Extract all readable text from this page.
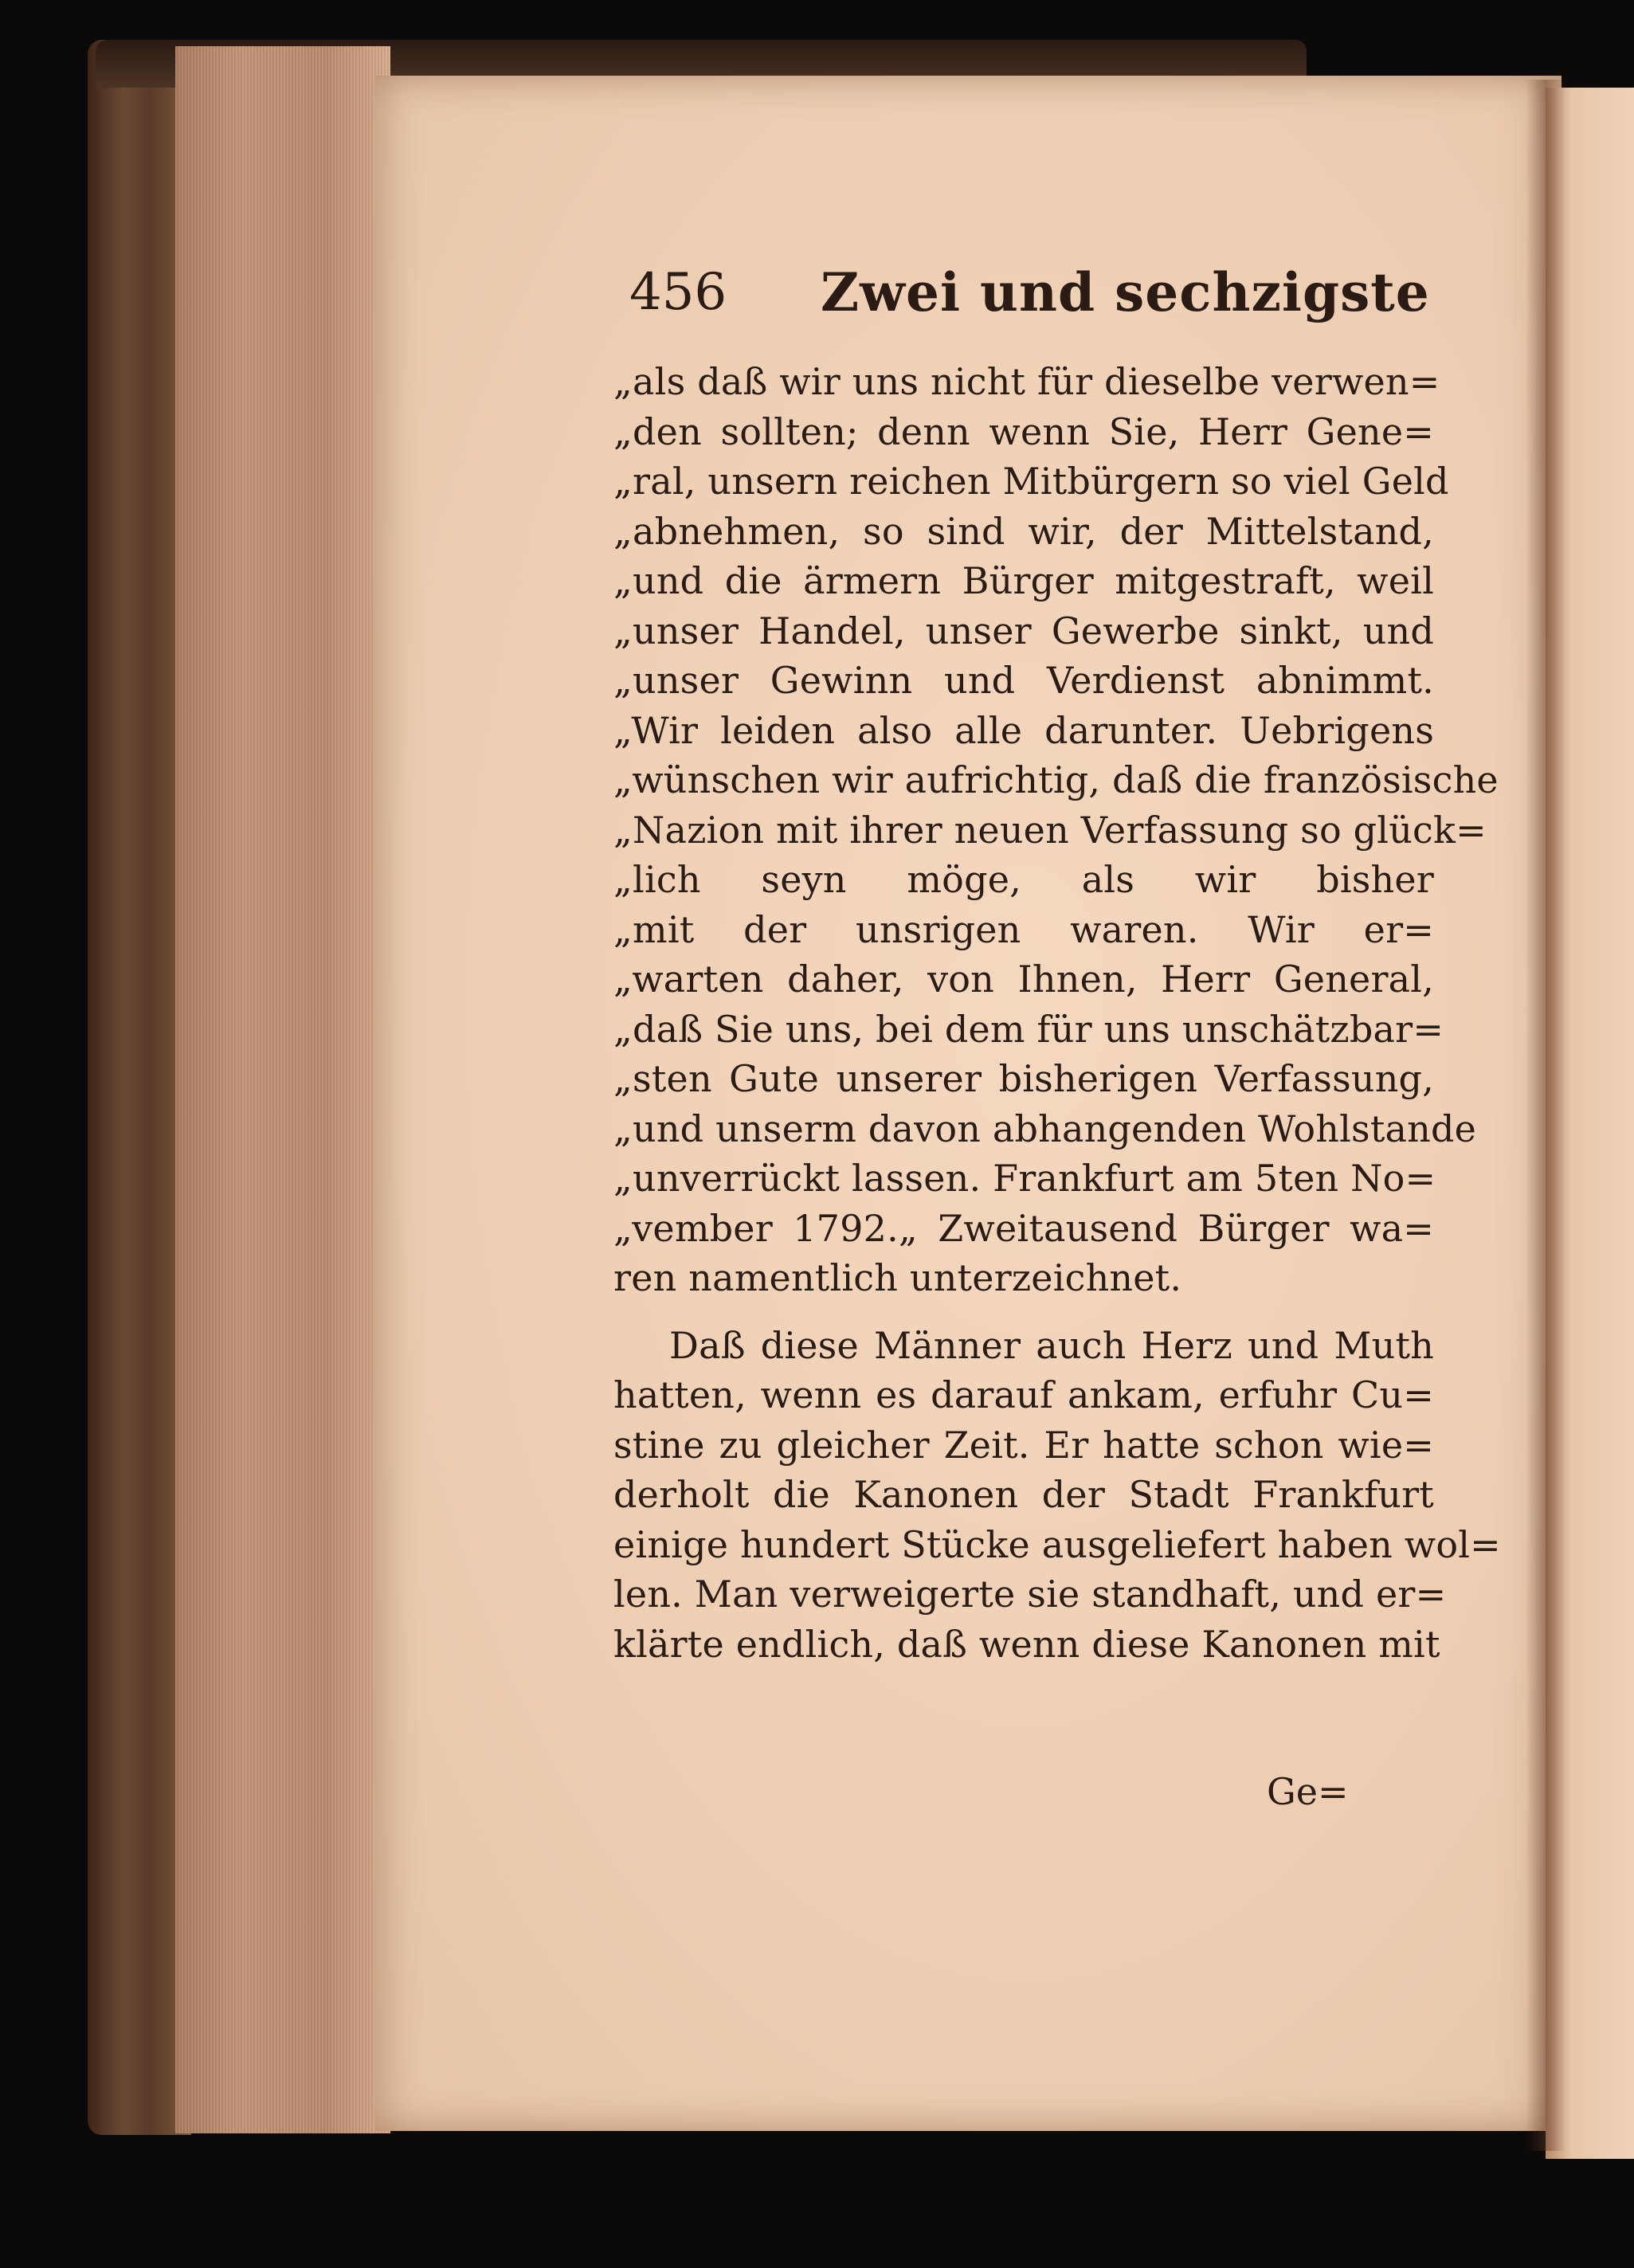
456 Zwei und sechzigste
„als daß wir uns nicht für dieselbe verwen=
„den sollten; denn wenn Sie, Herr Gene=
„ral, unsern reichen Mitbürgern so viel Geld
„abnehmen, so sind wir, der Mittelstand,
„und die ärmern Bürger mitgestraft, weil
„unser Handel, unser Gewerbe sinkt, und
„unser Gewinn und Verdienst abnimmt.
„Wir leiden also alle darunter. Uebrigens
„wünschen wir aufrichtig, daß die französische
„Nazion mit ihrer neuen Verfassung so glück=
„lich seyn möge, als wir bisher
„mit der unsrigen waren. Wir er=
„warten daher, von Ihnen, Herr General,
„daß Sie uns, bei dem für uns unschätzbar=
„sten Gute unserer bisherigen Verfassung,
„und unserm davon abhangenden Wohlstande
„unverrückt lassen. Frankfurt am 5ten No=
„vember 1792.„ Zweitausend Bürger wa=
ren namentlich unterzeichnet.
Daß diese Männer auch Herz und Muth
hatten, wenn es darauf ankam, erfuhr Cu=
stine zu gleicher Zeit. Er hatte schon wie=
derholt die Kanonen der Stadt Frankfurt
einige hundert Stücke ausgeliefert haben wol=
len. Man verweigerte sie standhaft, und er=
klärte endlich, daß wenn diese Kanonen mit
Ge=
